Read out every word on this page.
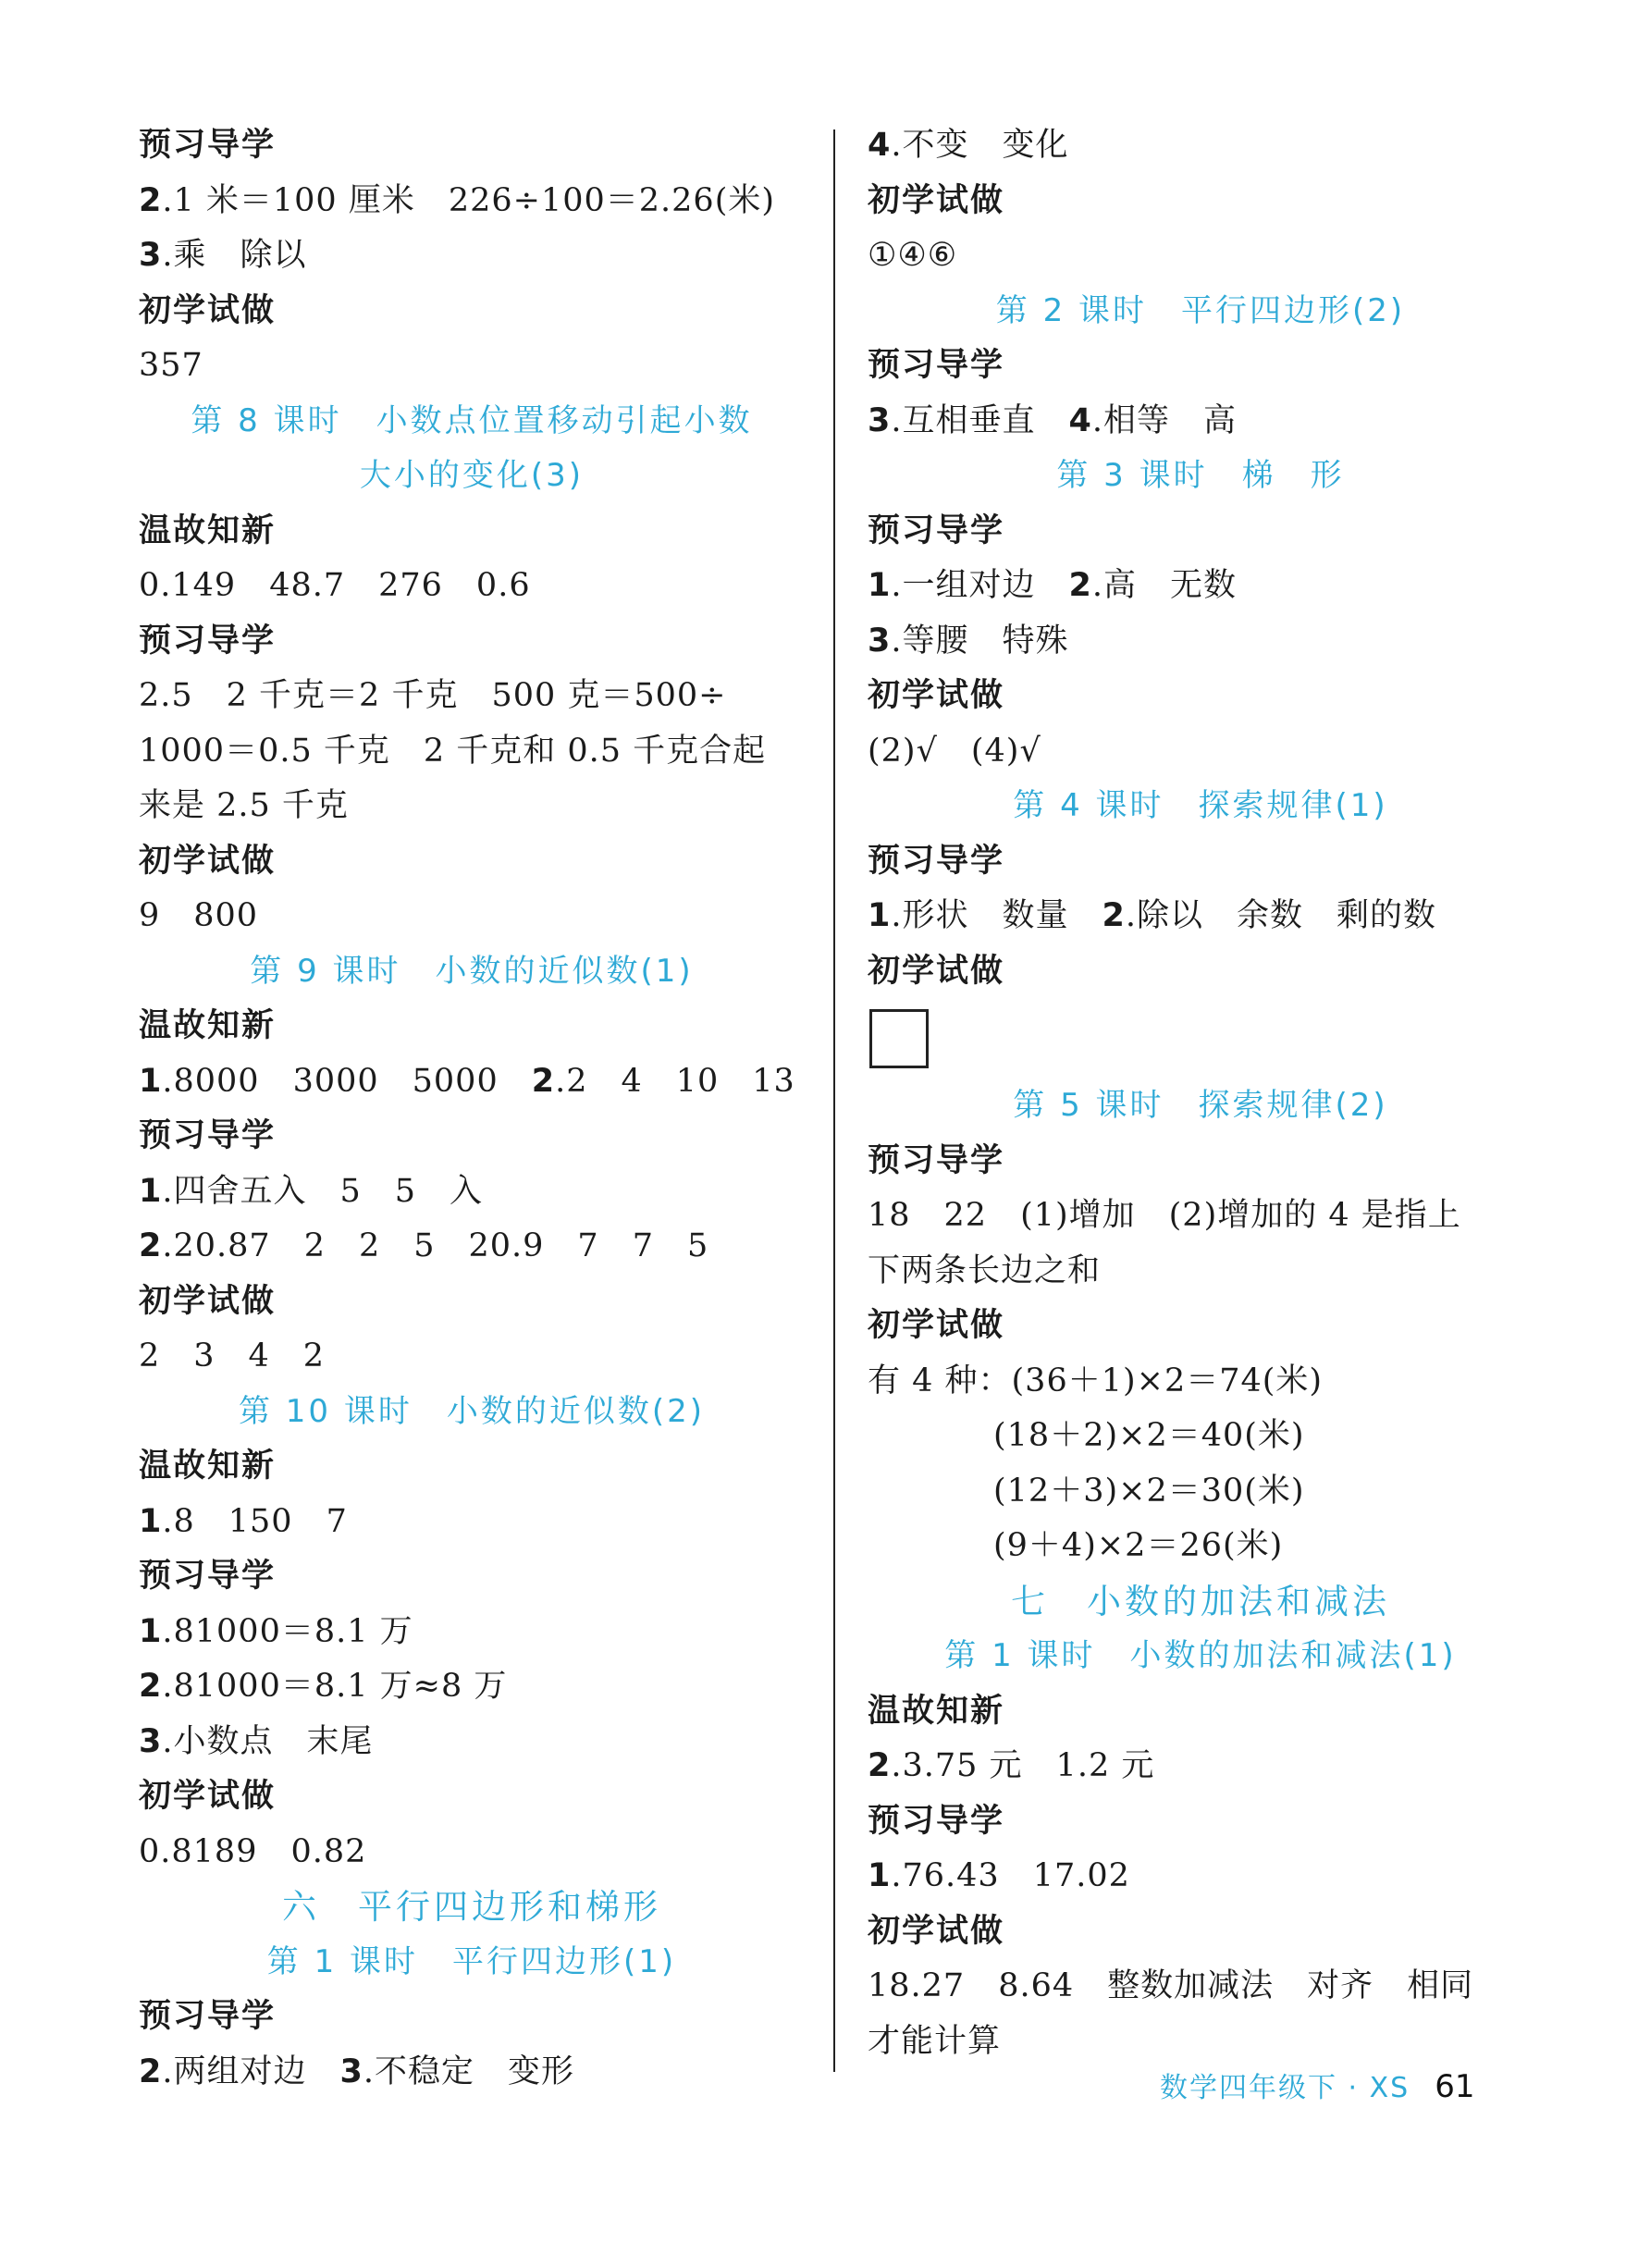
预习导学
2.1 米＝100 厘米　226÷100＝2.26(米)
3.乘　除以
初学试做
357
第 8 课时　小数点位置移动引起小数
大小的变化(3)
温故知新
0.149　48.7　276　0.6
预习导学
2.5　2 千克＝2 千克　500 克＝500÷
1000＝0.5 千克　2 千克和 0.5 千克合起
来是 2.5 千克
初学试做
9　800
第 9 课时　小数的近似数(1)
温故知新
1.8000　3000　5000　2.2　4　10　13
预习导学
1.四舍五入　5　5　入
2.20.87　2　2　5　20.9　7　7　5
初学试做
2　3　4　2
第 10 课时　小数的近似数(2)
温故知新
1.8　150　7
预习导学
1.81000＝8.1 万
2.81000＝8.1 万≈8 万
3.小数点　末尾
初学试做
0.8189　0.82
六　平行四边形和梯形
第 1 课时　平行四边形(1)
预习导学
2.两组对边　3.不稳定　变形
4.不变　变化
初学试做
①④⑥
第 2 课时　平行四边形(2)
预习导学
3.互相垂直　4.相等　高
第 3 课时　梯　形
预习导学
1.一组对边　2.高　无数
3.等腰　特殊
初学试做
(2)√　(4)√
第 4 课时　探索规律(1)
预习导学
1.形状　数量　2.除以　余数　剩的数
初学试做
第 5 课时　探索规律(2)
预习导学
18　22　(1)增加　(2)增加的 4 是指上
下两条长边之和
初学试做
有 4 种：(36＋1)×2＝74(米)
(18＋2)×2＝40(米)
(12＋3)×2＝30(米)
(9＋4)×2＝26(米)
七　小数的加法和减法
第 1 课时　小数的加法和减法(1)
温故知新
2.3.75 元　1.2 元
预习导学
1.76.43　17.02
初学试做
18.27　8.64　整数加减法　对齐　相同
才能计算
数学四年级下 · XS 61
